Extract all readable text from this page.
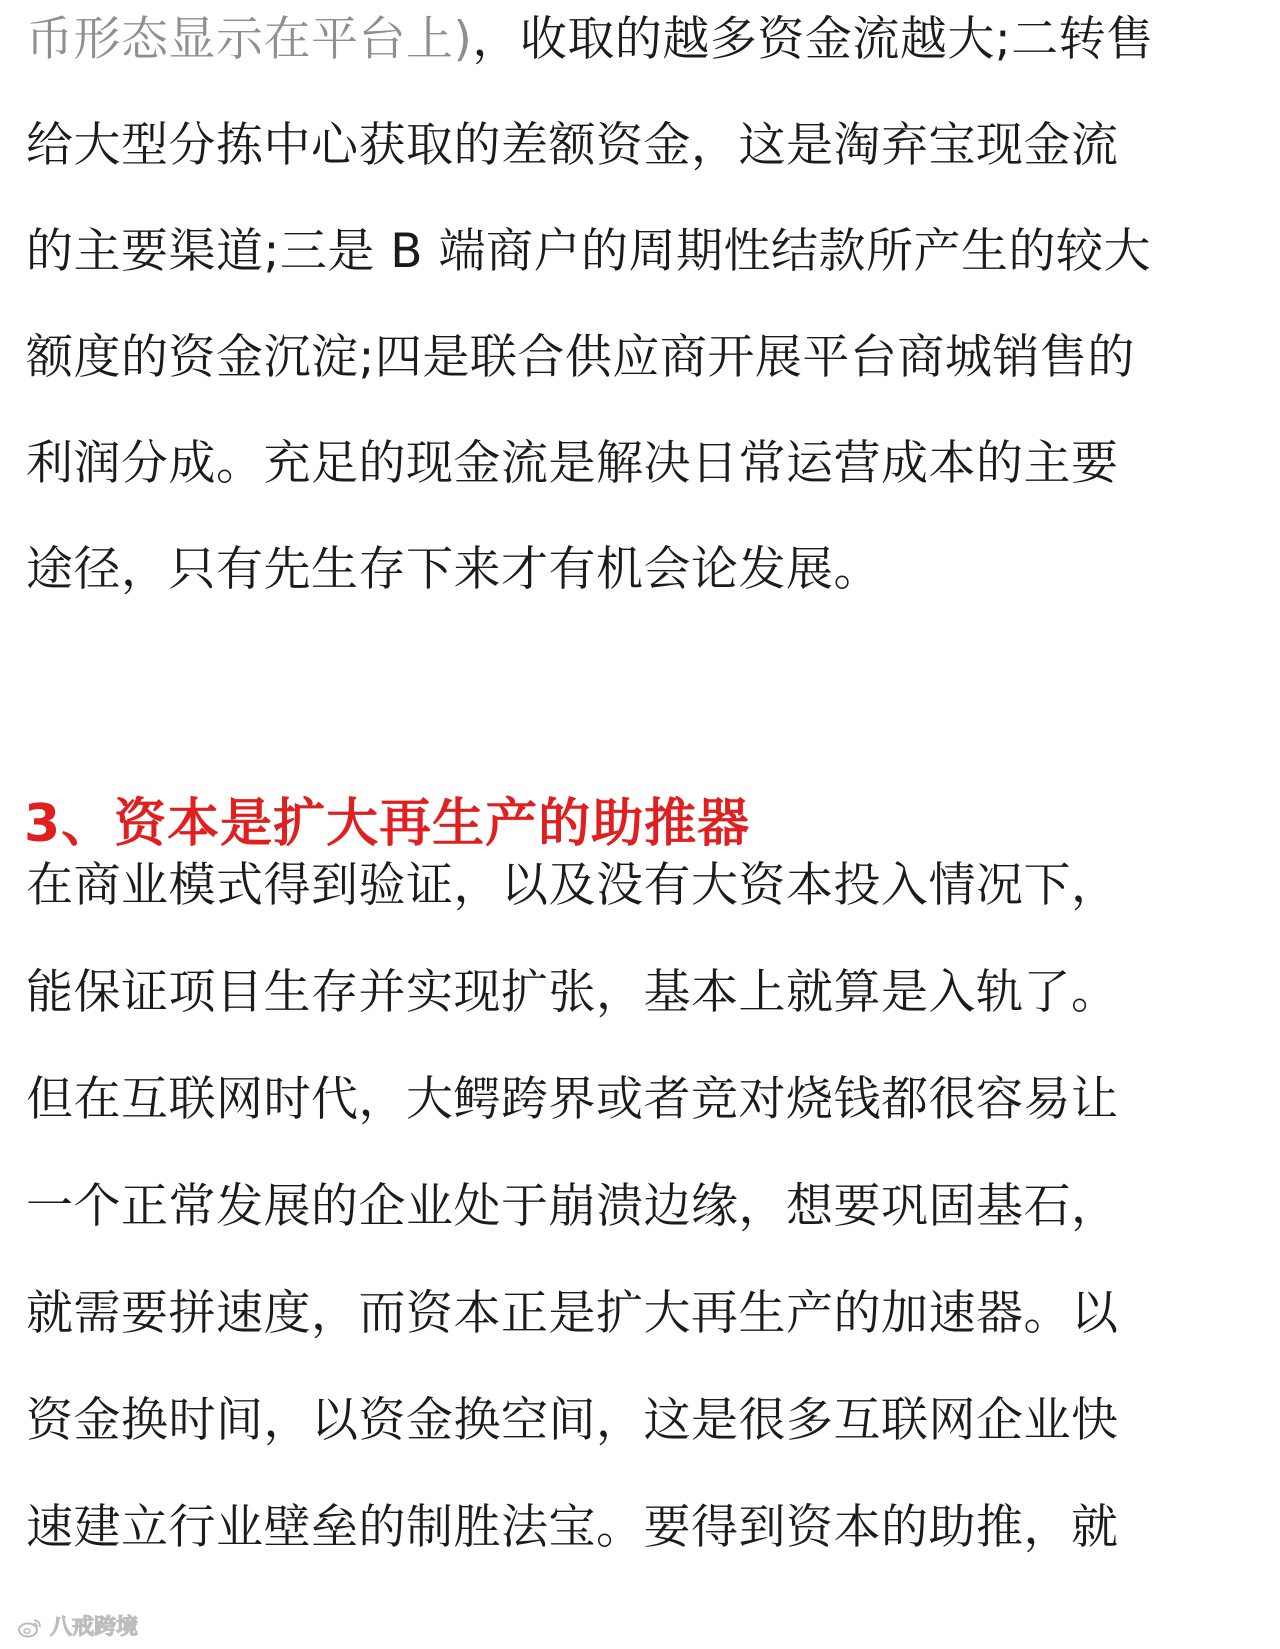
币形态显示在平台上)，收取的越多资金流越大;二转售
给大型分拣中心获取的差额资金，这是淘弃宝现金流
的主要渠道;三是 B 端商户的周期性结款所产生的较大
额度的资金沉淀;四是联合供应商开展平台商城销售的
利润分成。充足的现金流是解决日常运营成本的主要
途径，只有先生存下来才有机会论发展。
3、资本是扩大再生产的助推器
在商业模式得到验证，以及没有大资本投入情况下，
能保证项目生存并实现扩张，基本上就算是入轨了。
但在互联网时代，大鳄跨界或者竞对烧钱都很容易让
一个正常发展的企业处于崩溃边缘，想要巩固基石，
就需要拼速度，而资本正是扩大再生产的加速器。以
资金换时间，以资金换空间，这是很多互联网企业快
速建立行业壁垒的制胜法宝。要得到资本的助推，就
八戒跨境
